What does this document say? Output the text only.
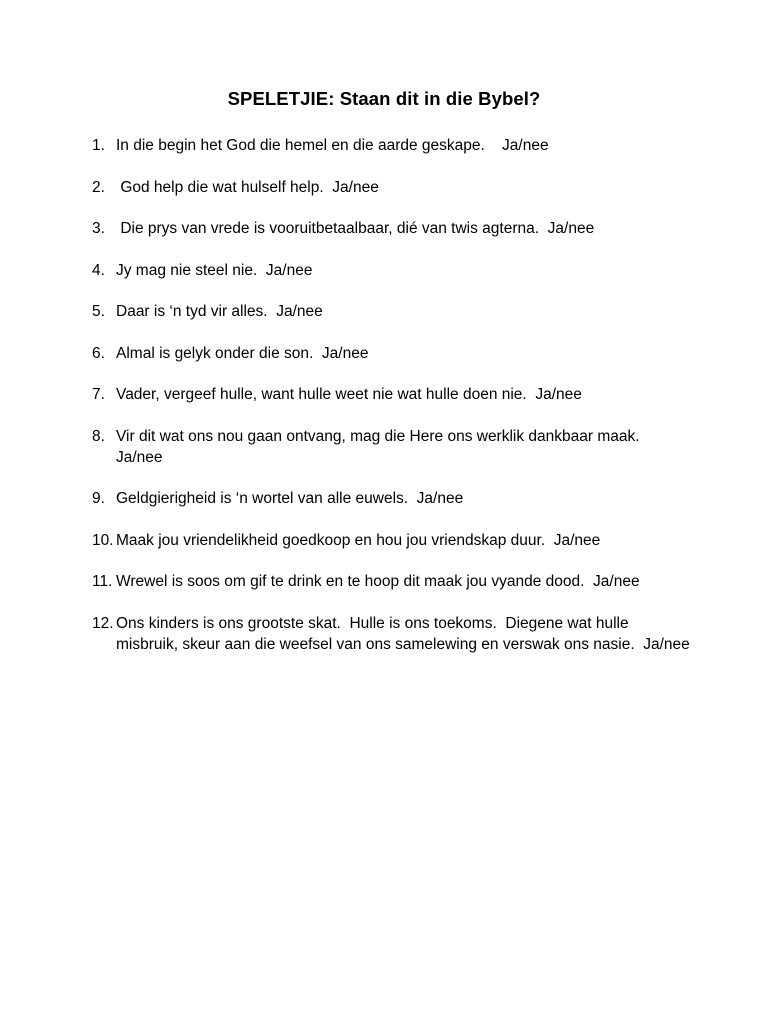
SPELETJIE: Staan dit in die Bybel?
1. In die begin het God die hemel en die aarde geskape.    Ja/nee
2. God help die wat hulself help.  Ja/nee
3. Die prys van vrede is vooruitbetaalbaar, dié van twis agterna.  Ja/nee
4. Jy mag nie steel nie.  Ja/nee
5. Daar is ‘n tyd vir alles.  Ja/nee
6. Almal is gelyk onder die son.  Ja/nee
7. Vader, vergeef hulle, want hulle weet nie wat hulle doen nie.  Ja/nee
8. Vir dit wat ons nou gaan ontvang, mag die Here ons werklik dankbaar maak.  Ja/nee
9. Geldgierigheid is ‘n wortel van alle euwels.  Ja/nee
10. Maak jou vriendelikheid goedkoop en hou jou vriendskap duur.  Ja/nee
11. Wrewel is soos om gif te drink en te hoop dit maak jou vyande dood.  Ja/nee
12. Ons kinders is ons grootste skat.  Hulle is ons toekoms.  Diegene wat hulle misbruik, skeur aan die weefsel van ons samelewing en verswak ons nasie.  Ja/nee
